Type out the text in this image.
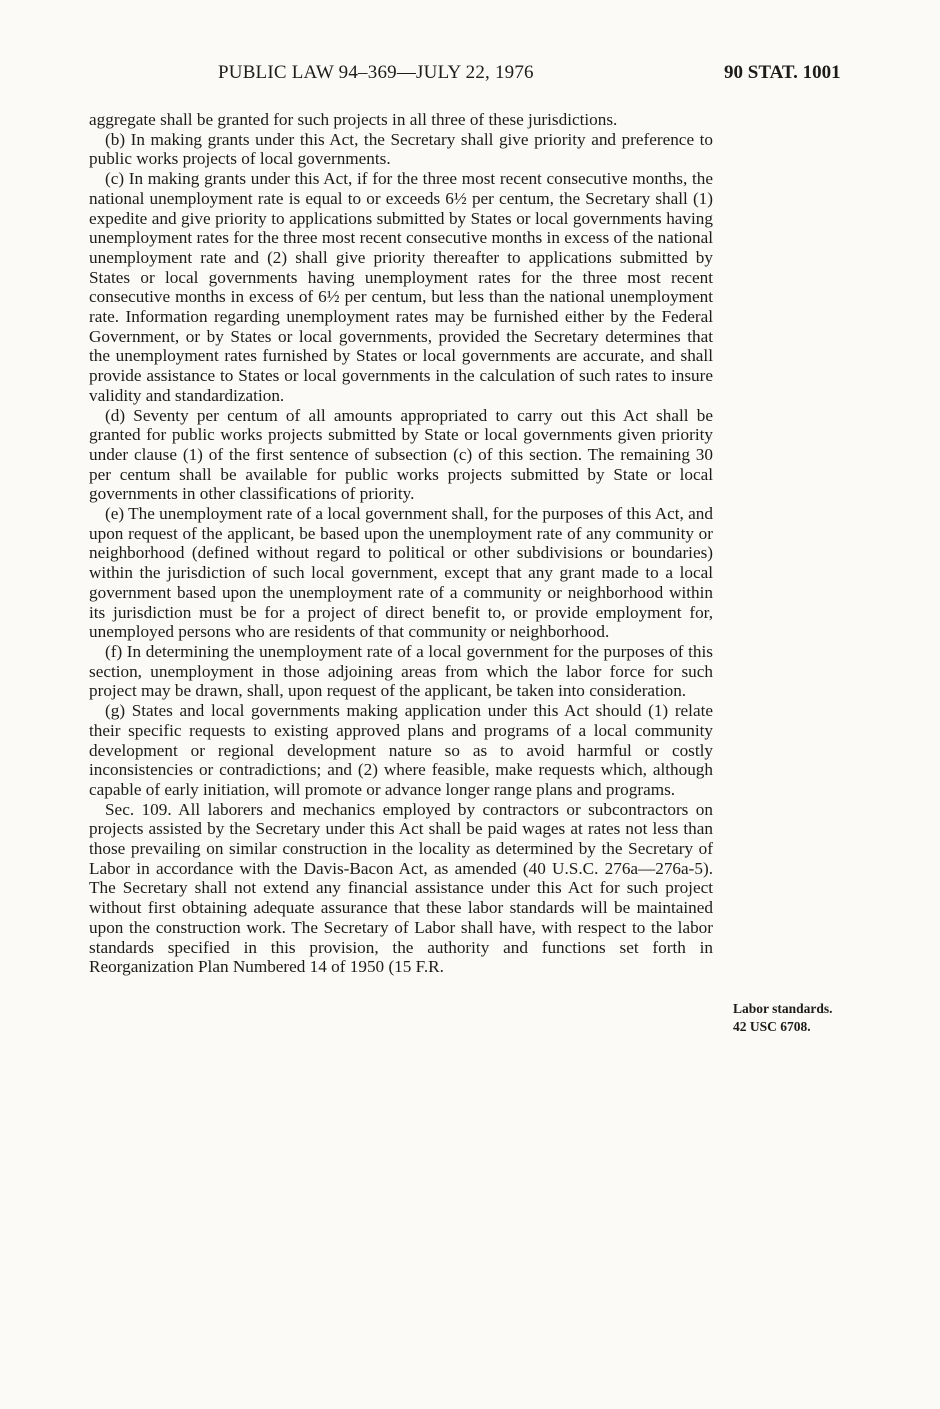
PUBLIC LAW 94–369—JULY 22, 1976	90 STAT. 1001

aggregate shall be granted for such projects in all three of these jurisdictions.

(b) In making grants under this Act, the Secretary shall give priority and preference to public works projects of local governments.

(c) In making grants under this Act, if for the three most recent consecutive months, the national unemployment rate is equal to or exceeds 6½ per centum, the Secretary shall (1) expedite and give priority to applications submitted by States or local governments having unemployment rates for the three most recent consecutive months in excess of the national unemployment rate and (2) shall give priority thereafter to applications submitted by States or local governments having unemployment rates for the three most recent consecutive months in excess of 6½ per centum, but less than the national unemployment rate. Information regarding unemployment rates may be furnished either by the Federal Government, or by States or local governments, provided the Secretary determines that the unemployment rates furnished by States or local governments are accurate, and shall provide assistance to States or local governments in the calculation of such rates to insure validity and standardization.

(d) Seventy per centum of all amounts appropriated to carry out this Act shall be granted for public works projects submitted by State or local governments given priority under clause (1) of the first sentence of subsection (c) of this section. The remaining 30 per centum shall be available for public works projects submitted by State or local governments in other classifications of priority.

(e) The unemployment rate of a local government shall, for the purposes of this Act, and upon request of the applicant, be based upon the unemployment rate of any community or neighborhood (defined without regard to political or other subdivisions or boundaries) within the jurisdiction of such local government, except that any grant made to a local government based upon the unemployment rate of a community or neighborhood within its jurisdiction must be for a project of direct benefit to, or provide employment for, unemployed persons who are residents of that community or neighborhood.

(f) In determining the unemployment rate of a local government for the purposes of this section, unemployment in those adjoining areas from which the labor force for such project may be drawn, shall, upon request of the applicant, be taken into consideration.

(g) States and local governments making application under this Act should (1) relate their specific requests to existing approved plans and programs of a local community development or regional development nature so as to avoid harmful or costly inconsistencies or contradictions; and (2) where feasible, make requests which, although capable of early initiation, will promote or advance longer range plans and programs.

Sec. 109. All laborers and mechanics employed by contractors or subcontractors on projects assisted by the Secretary under this Act shall be paid wages at rates not less than those prevailing on similar construction in the locality as determined by the Secretary of Labor in accordance with the Davis-Bacon Act, as amended (40 U.S.C. 276a—276a-5). The Secretary shall not extend any financial assistance under this Act for such project without first obtaining adequate assurance that these labor standards will be maintained upon the construction work. The Secretary of Labor shall have, with respect to the labor standards specified in this provision, the authority and functions set forth in Reorganization Plan Numbered 14 of 1950 (15 F.R.

Labor standards.
42 USC 6708.
